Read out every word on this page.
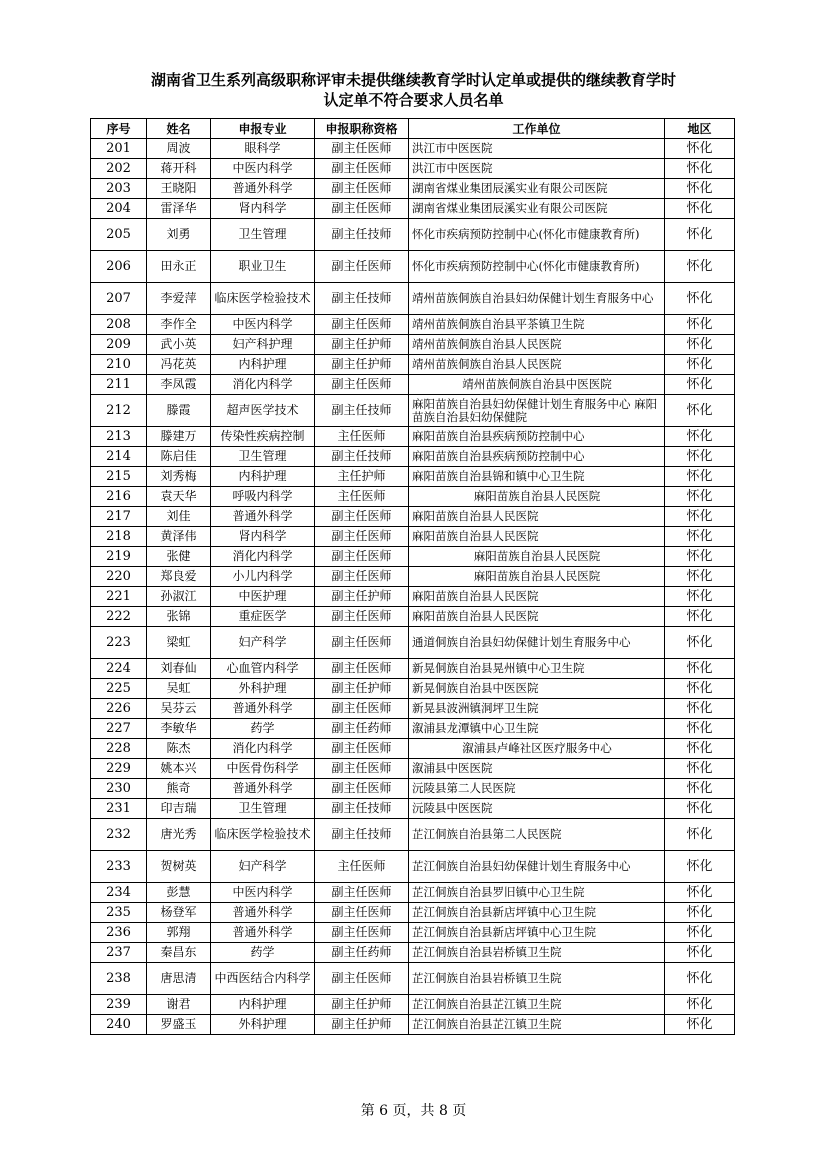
湖南省卫生系列高级职称评审未提供继续教育学时认定单或提供的继续教育学时
认定单不符合要求人员名单
序号	姓名	申报专业	申报职称资格	工作单位	地区
201	周波	眼科学	副主任医师	洪江市中医医院	怀化
202	蒋开科	中医内科学	副主任医师	洪江市中医医院	怀化
203	王晓阳	普通外科学	副主任医师	湖南省煤业集团辰溪实业有限公司医院	怀化
204	雷泽华	肾内科学	副主任医师	湖南省煤业集团辰溪实业有限公司医院	怀化
205	刘勇	卫生管理	副主任技师	怀化市疾病预防控制中心(怀化市健康教育所)	怀化
206	田永正	职业卫生	副主任医师	怀化市疾病预防控制中心(怀化市健康教育所)	怀化
207	李爱萍	临床医学检验技术	副主任技师	靖州苗族侗族自治县妇幼保健计划生育服务中心	怀化
208	李作全	中医内科学	副主任医师	靖州苗族侗族自治县平茶镇卫生院	怀化
209	武小英	妇产科护理	副主任护师	靖州苗族侗族自治县人民医院	怀化
210	冯花英	内科护理	副主任护师	靖州苗族侗族自治县人民医院	怀化
211	李凤霞	消化内科学	副主任医师	靖州苗族侗族自治县中医医院	怀化
212	滕霞	超声医学技术	副主任技师	麻阳苗族自治县妇幼保健计划生育服务中心 麻阳苗族自治县妇幼保健院	怀化
213	滕建万	传染性疾病控制	主任医师	麻阳苗族自治县疾病预防控制中心	怀化
214	陈启佳	卫生管理	副主任技师	麻阳苗族自治县疾病预防控制中心	怀化
215	刘秀梅	内科护理	主任护师	麻阳苗族自治县锦和镇中心卫生院	怀化
216	袁天华	呼吸内科学	主任医师	麻阳苗族自治县人民医院	怀化
217	刘佳	普通外科学	副主任医师	麻阳苗族自治县人民医院	怀化
218	黄泽伟	肾内科学	副主任医师	麻阳苗族自治县人民医院	怀化
219	张健	消化内科学	副主任医师	麻阳苗族自治县人民医院	怀化
220	郑良爱	小儿内科学	副主任医师	麻阳苗族自治县人民医院	怀化
221	孙淑江	中医护理	副主任护师	麻阳苗族自治县人民医院	怀化
222	张锦	重症医学	副主任医师	麻阳苗族自治县人民医院	怀化
223	梁虹	妇产科学	副主任医师	通道侗族自治县妇幼保健计划生育服务中心	怀化
224	刘春仙	心血管内科学	副主任医师	新晃侗族自治县晃州镇中心卫生院	怀化
225	吴虹	外科护理	副主任护师	新晃侗族自治县中医医院	怀化
226	吴芬云	普通外科学	副主任医师	新晃县波洲镇洞坪卫生院	怀化
227	李敏华	药学	副主任药师	溆浦县龙潭镇中心卫生院	怀化
228	陈杰	消化内科学	副主任医师	溆浦县卢峰社区医疗服务中心	怀化
229	姚本兴	中医骨伤科学	副主任医师	溆浦县中医医院	怀化
230	熊奇	普通外科学	副主任医师	沅陵县第二人民医院	怀化
231	印吉瑞	卫生管理	副主任技师	沅陵县中医医院	怀化
232	唐光秀	临床医学检验技术	副主任技师	芷江侗族自治县第二人民医院	怀化
233	贺树英	妇产科学	主任医师	芷江侗族自治县妇幼保健计划生育服务中心	怀化
234	彭慧	中医内科学	副主任医师	芷江侗族自治县罗旧镇中心卫生院	怀化
235	杨登军	普通外科学	副主任医师	芷江侗族自治县新店坪镇中心卫生院	怀化
236	郭翔	普通外科学	副主任医师	芷江侗族自治县新店坪镇中心卫生院	怀化
237	秦昌东	药学	副主任药师	芷江侗族自治县岩桥镇卫生院	怀化
238	唐思清	中西医结合内科学	副主任医师	芷江侗族自治县岩桥镇卫生院	怀化
239	谢君	内科护理	副主任护师	芷江侗族自治县芷江镇卫生院	怀化
240	罗盛玉	外科护理	副主任护师	芷江侗族自治县芷江镇卫生院	怀化
第 6 页，共 8 页
